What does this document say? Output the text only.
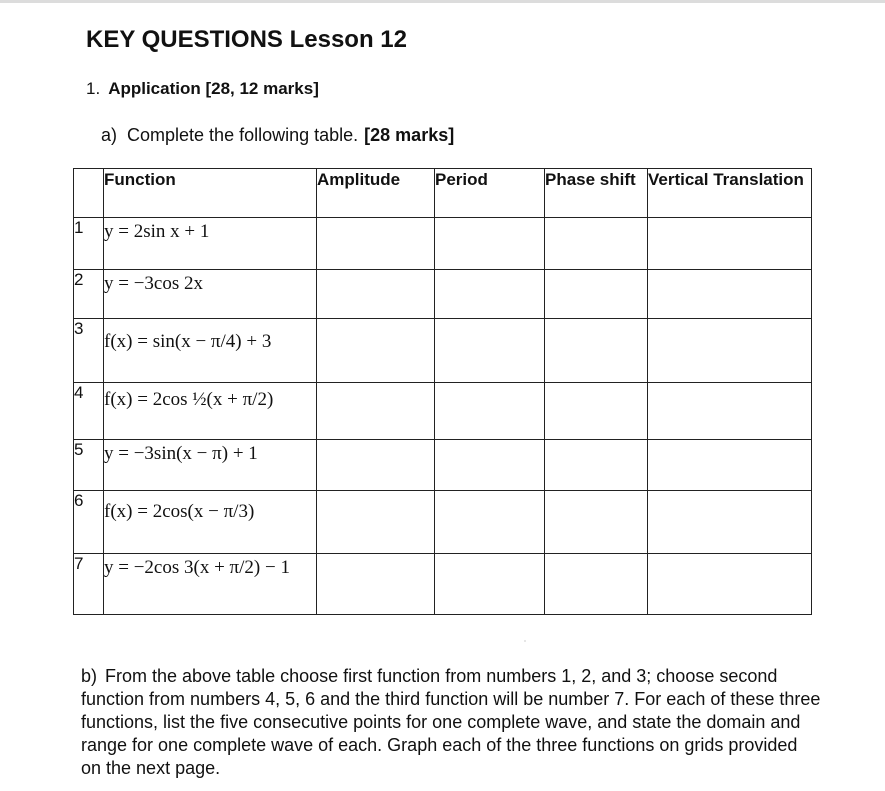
KEY QUESTIONS Lesson 12
1. Application [28, 12 marks]
a) Complete the following table. [28 marks]
	Function	Amplitude	Period	Phase shift	Vertical Translation
1	y = 2sin x + 1				
2	y = −3cos 2x				
3	f(x) = sin(x − π/4) + 3				
4	f(x) = 2cos ½(x + π/2)				
5	y = −3sin(x − π) + 1				
6	f(x) = 2cos(x − π/3)				
7	y = −2cos 3(x + π/2) − 1				
b) From the above table choose first function from numbers 1, 2, and 3; choose second function from numbers 4, 5, 6 and the third function will be number 7. For each of these three functions, list the five consecutive points for one complete wave, and state the domain and range for one complete wave of each. Graph each of the three functions on grids provided on the next page.
